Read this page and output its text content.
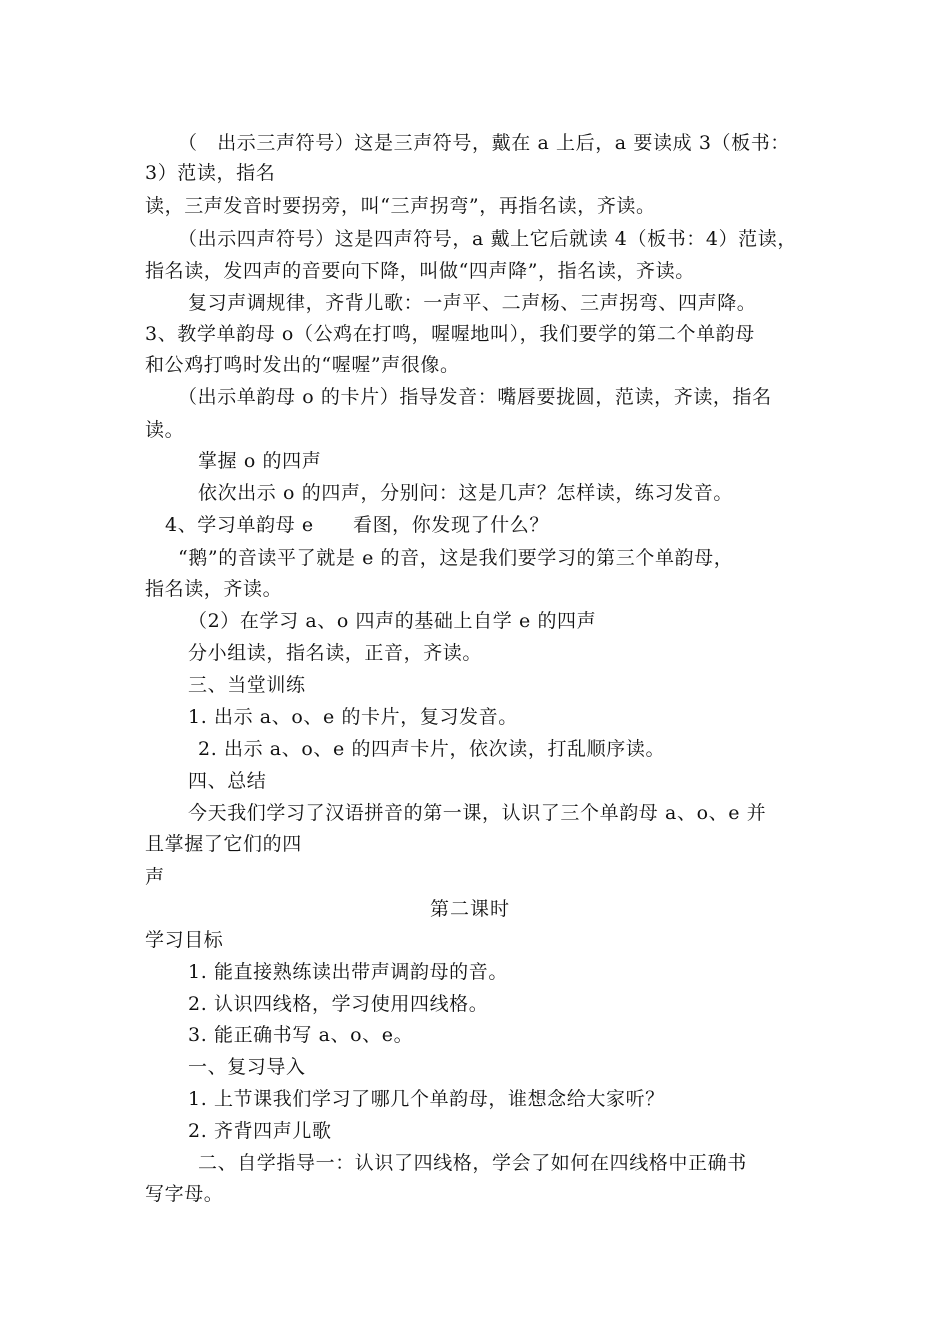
（　出示三声符号）这是三声符号，戴在 a 上后，a 要读成 3（板书：

3）范读，指名

读，三声发音时要拐旁，叫“三声拐弯”，再指名读，齐读。

（出示四声符号）这是四声符号，a 戴上它后就读 4（板书：4）范读，

指名读，发四声的音要向下降，叫做“四声降”，指名读，齐读。

复习声调规律，齐背儿歌：一声平、二声杨、三声拐弯、四声降。

3、教学单韵母 o（公鸡在打鸣，喔喔地叫），我们要学的第二个单韵母

和公鸡打鸣时发出的“喔喔”声很像。

（出示单韵母 o 的卡片）指导发音：嘴唇要拢圆，范读，齐读，指名

读。

掌握 o 的四声

依次出示 o 的四声，分别问：这是几声？怎样读，练习发音。

4、学习单韵母 e　　看图，你发现了什么？

“鹅”的音读平了就是 e 的音，这是我们要学习的第三个单韵母，

指名读，齐读。

（2）在学习 a、o 四声的基础上自学 e 的四声

分小组读，指名读，正音，齐读。

三、当堂训练

1. 出示 a、o、e 的卡片，复习发音。

2. 出示 a、o、e 的四声卡片，依次读，打乱顺序读。

四、总结

今天我们学习了汉语拼音的第一课，认识了三个单韵母 a、o、e 并

且掌握了它们的四

声

第二课时

学习目标

1. 能直接熟练读出带声调韵母的音。

2. 认识四线格，学习使用四线格。

3. 能正确书写 a、o、e。

一、复习导入

1. 上节课我们学习了哪几个单韵母，谁想念给大家听？

2. 齐背四声儿歌

二、自学指导一：认识了四线格，学会了如何在四线格中正确书

写字母。
